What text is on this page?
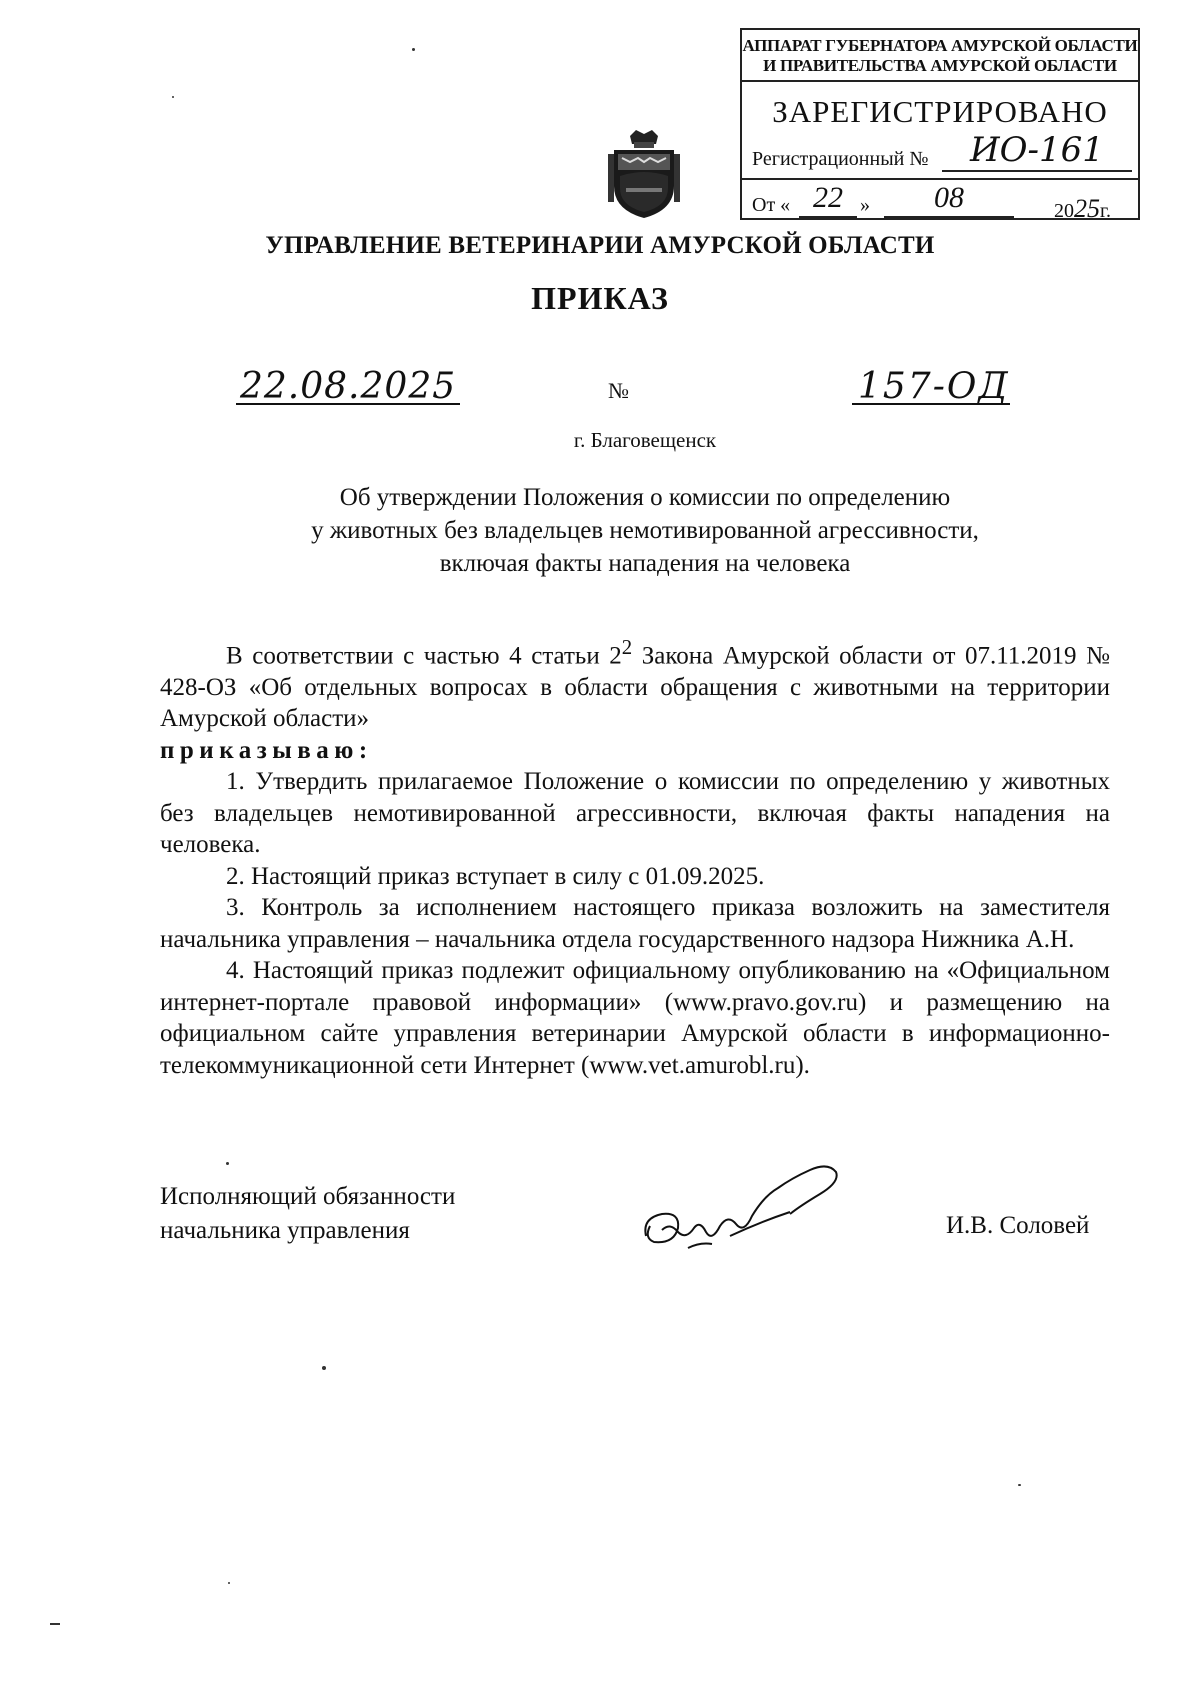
АППАРАТ ГУБЕРНАТОРА АМУРСКОЙ ОБЛАСТИ
И ПРАВИТЕЛЬСТВА АМУРСКОЙ ОБЛАСТИ
ЗАРЕГИСТРИРОВАНО
Регистрационный №	ИО-161
От « 22 »	08	2025г.
УПРАВЛЕНИЕ ВЕТЕРИНАРИИ АМУРСКОЙ ОБЛАСТИ
ПРИКАЗ
22.08.2025	№	157-ОД
г. Благовещенск
Об утверждении Положения о комиссии по определению
у животных без владельцев немотивированной агрессивности,
включая факты нападения на человека

В соответствии с частью 4 статьи $2^2$ Закона Амурской области от 07.11.2019 № 428-ОЗ «Об отдельных вопросах в области обращения с животными на территории Амурской области»

приказываю:

1. Утвердить прилагаемое Положение о комиссии по определению у животных без владельцев немотивированной агрессивности, включая факты нападения на человека.

2. Настоящий приказ вступает в силу с 01.09.2025.

3. Контроль за исполнением настоящего приказа возложить на заместителя начальника управления – начальника отдела государственного надзора Нижника А.Н.

4. Настоящий приказ подлежит официальному опубликованию на «Официальном интернет-портале правовой информации» (www.pravo.gov.ru) и размещению на официальном сайте управления ветеринарии Амурской области в информационно-телекоммуникационной сети Интернет (www.vet.amurobl.ru).

Исполняющий обязанности
начальника управления	И.В. Соловей
